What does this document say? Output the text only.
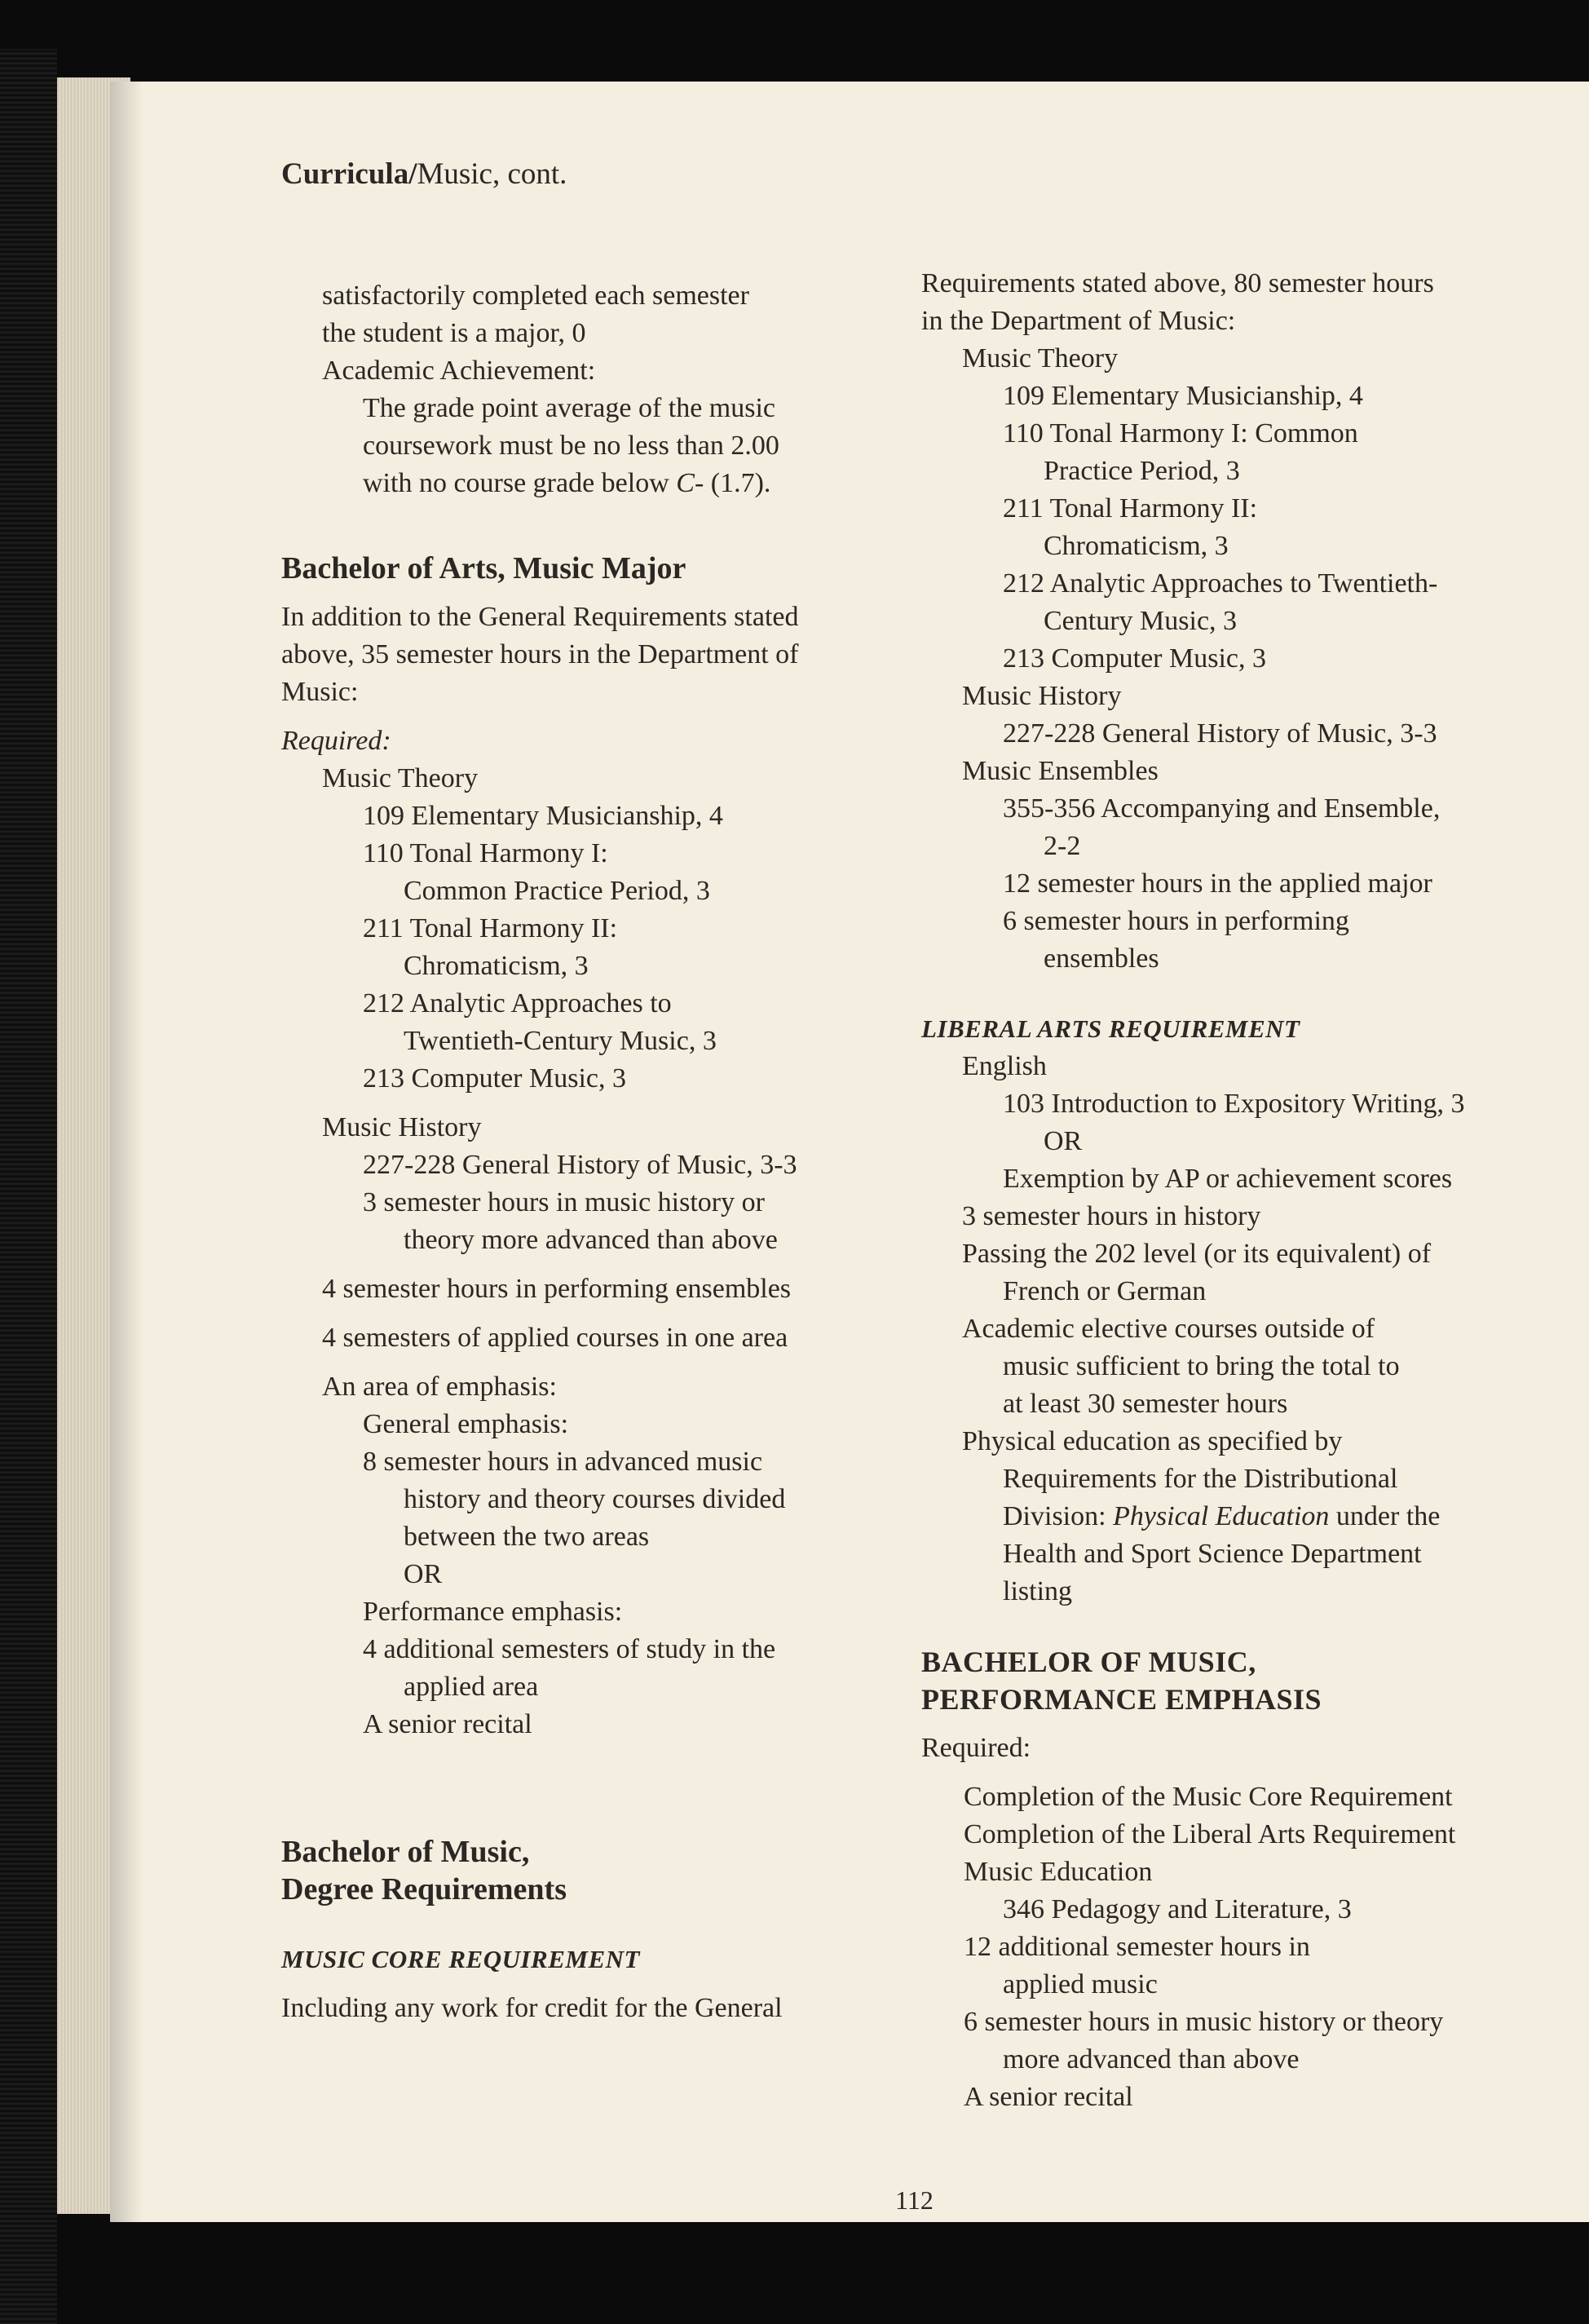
Curricula/Music, cont.
satisfactorily completed each semester
the student is a major, 0
Academic Achievement:
The grade point average of the music
coursework must be no less than 2.00
with no course grade below C- (1.7).
Bachelor of Arts, Music Major
In addition to the General Requirements stated
above, 35 semester hours in the Department of
Music:
Required:
Music Theory
109 Elementary Musicianship, 4
110 Tonal Harmony I:
Common Practice Period, 3
211 Tonal Harmony II:
Chromaticism, 3
212 Analytic Approaches to
Twentieth-Century Music, 3
213 Computer Music, 3
Music History
227-228 General History of Music, 3-3
3 semester hours in music history or
theory more advanced than above
4 semester hours in performing ensembles
4 semesters of applied courses in one area
An area of emphasis:
General emphasis:
8 semester hours in advanced music
history and theory courses divided
between the two areas
OR
Performance emphasis:
4 additional semesters of study in the
applied area
A senior recital
Bachelor of Music,
Degree Requirements
MUSIC CORE REQUIREMENT
Including any work for credit for the General
Requirements stated above, 80 semester hours
in the Department of Music:
Music Theory
109 Elementary Musicianship, 4
110 Tonal Harmony I: Common
Practice Period, 3
211 Tonal Harmony II:
Chromaticism, 3
212 Analytic Approaches to Twentieth-
Century Music, 3
213 Computer Music, 3
Music History
227-228 General History of Music, 3-3
Music Ensembles
355-356 Accompanying and Ensemble,
2-2
12 semester hours in the applied major
6 semester hours in performing
ensembles
LIBERAL ARTS REQUIREMENT
English
103 Introduction to Expository Writing, 3
OR
Exemption by AP or achievement scores
3 semester hours in history
Passing the 202 level (or its equivalent) of
French or German
Academic elective courses outside of
music sufficient to bring the total to
at least 30 semester hours
Physical education as specified by
Requirements for the Distributional
Division: Physical Education under the
Health and Sport Science Department
listing
BACHELOR OF MUSIC,
PERFORMANCE EMPHASIS
Required:
Completion of the Music Core Requirement
Completion of the Liberal Arts Requirement
Music Education
346 Pedagogy and Literature, 3
12 additional semester hours in
applied music
6 semester hours in music history or theory
more advanced than above
A senior recital
112
